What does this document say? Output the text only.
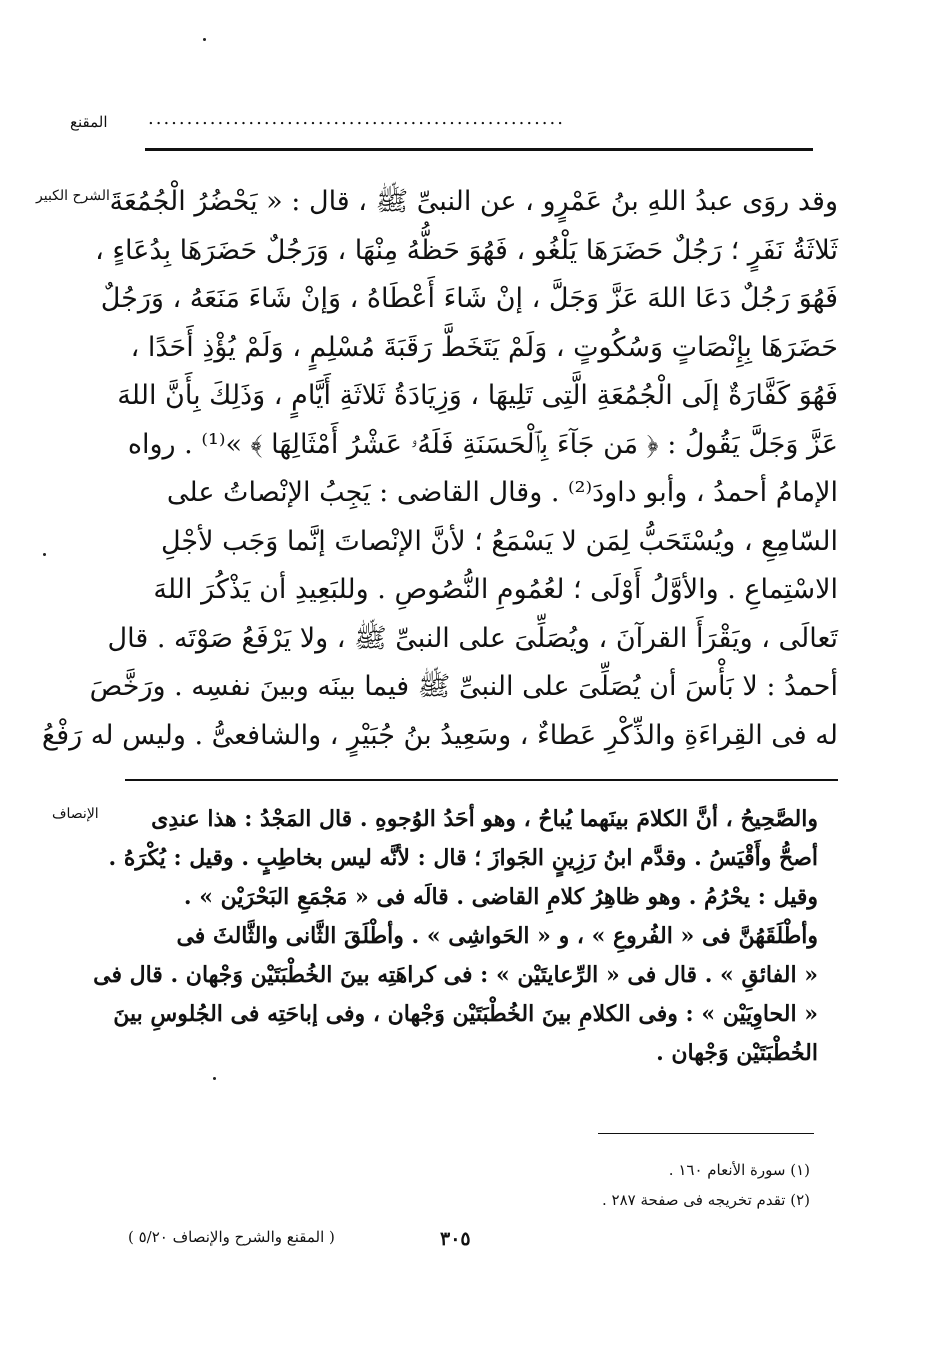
المقنع ......................................................
الشرح الكبير وقد روَى عبدُ اللهِ بنُ عَمْرٍو ، عن النبىِّ ﷺ ، قال : « يَحْضُرُ الْجُمُعَةَ
ثَلاثَةُ نَفَرٍ ؛ رَجُلٌ حَضَرَهَا يَلْغُو ، فَهُوَ حَظُّهُ مِنْهَا ، وَرَجُلٌ حَضَرَهَا بِدُعَاءٍ ،
فَهُوَ رَجُلٌ دَعَا اللهَ عَزَّ وَجَلَّ ، إنْ شَاءَ أَعْطَاهُ ، وَإنْ شَاءَ مَنَعَهُ ، وَرَجُلٌ
حَضَرَهَا بِإِنْصَاتٍ وَسُكُوتٍ ، وَلَمْ يَتَخَطَّ رَقَبَةَ مُسْلِمٍ ، وَلَمْ يُؤْذِ أَحَدًا ،
فَهُوَ كَفَّارَةٌ إلَى الْجُمُعَةِ الَّتِى تَلِيهَا ، وَزِيَادَةُ ثَلاثَةِ أَيَّامٍ ، وَذَلِكَ بِأَنَّ اللهَ
عَزَّ وَجَلَّ يَقُولُ : ﴿ مَن جَآءَ بِٱلْحَسَنَةِ فَلَهُۥ عَشْرُ أَمْثَالِهَا ﴾ »⁽¹⁾ . رواه
الإمامُ أحمدُ ، وأبو داودَ⁽²⁾ . وقال القاضى : يَجِبُ الإنْصاتُ على
السّامِعِ ، ويُسْتَحَبُّ لِمَن لا يَسْمَعُ ؛ لأنَّ الإنْصاتَ إنَّما وَجَب لأجْلِ
الاسْتِماعِ . والأوَّلُ أَوْلَى ؛ لعُمُومِ النُّصُوصِ . وللبَعِيدِ أن يَذْكُرَ اللهَ
تَعالَى ، ويَقْرَأَ القرآنَ ، ويُصَلِّىَ على النبىِّ ﷺ ، ولا يَرْفَعُ صَوْتَه . قال
أحمدُ : لا بَأْسَ أن يُصَلِّىَ على النبىِّ ﷺ فيما بينَه وبينَ نفسِه . ورَخَّصَ
له فى القِراءَةِ والذِّكْرِ عَطاءٌ ، وسَعِيدُ بنُ جُبَيْرٍ ، والشافعىُّ . وليس له رَفْعُ
الإنصاف	والصَّحِيحُ ، أنَّ الكلامَ بينَهما يُباحُ ، وهو أحَدُ الوُجوهِ . قال المَجْدُ : هذا عندِى
أصحُّ وأَقْيَسُ . وقدَّم ابنُ رَزِينٍ الجَوازَ ؛ قال : لأنَّه ليس بخاطِبٍ . وقيل : يُكْرَهُ .
وقيل : يحْرُمُ . وهو ظاهِرُ كلامِ القاضى . قالَه فى « مَجْمَعِ البَحْرَيْن » .
وأطْلَقَهُنَّ فى « الفُروعِ » ، و « الحَواشِى » . وأطْلَقَ الثَّانى والثَّالثَ فى
« الفائقِ » . قال فى « الرِّعايتَيْن » : فى كراهَتِه بينَ الخُطْبَتَيْن وَجْهان . قال فى
« الحاوِيَيْن » : وفى الكلامِ بينَ الخُطْبَتَيْن وَجْهان ، وفى إباحَتِه فى الجُلوسِ بينَ
الخُطْبَتَيْن وَجْهان .
(١) سورة الأنعام ١٦٠ .
(٢) تقدم تخريجه فى صفحة ٢٨٧ .
٣٠٥
( المقنع والشرح والإنصاف ٥/٢٠ )
